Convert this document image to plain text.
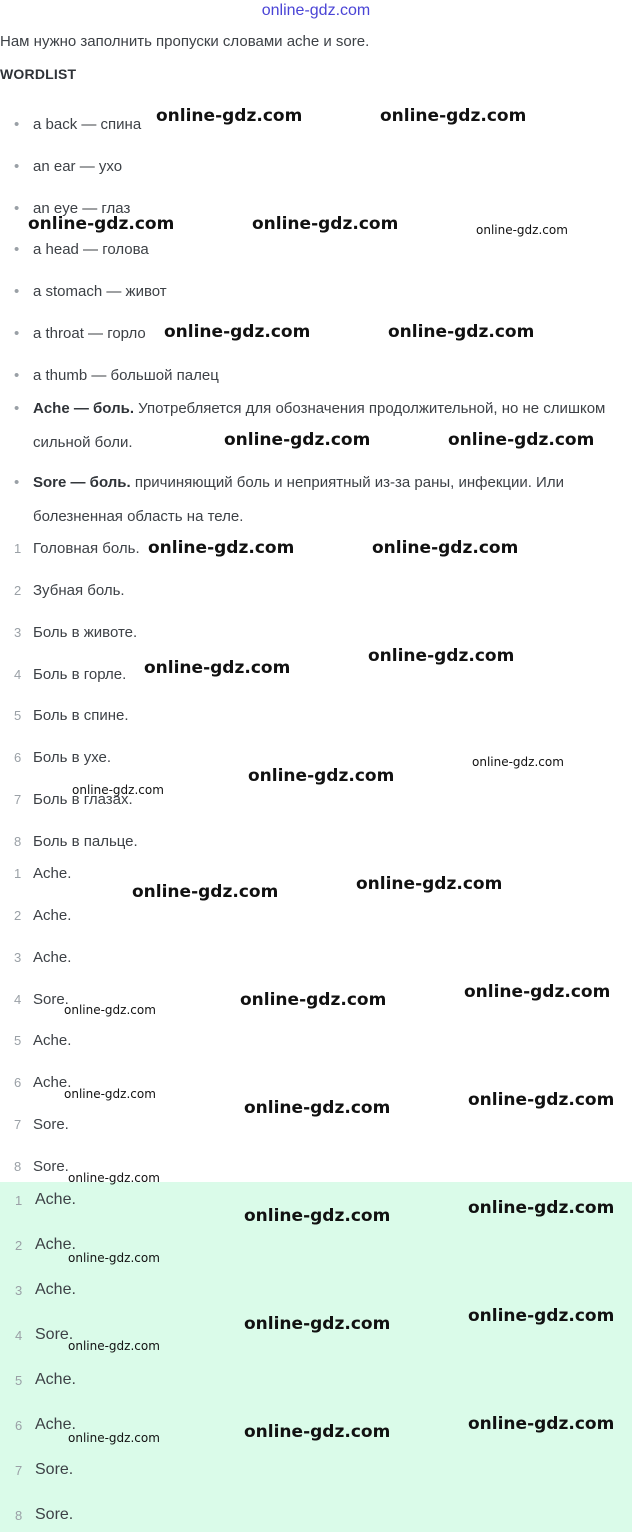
online-gdz.com
Нам нужно заполнить пропуски словами ache и sore.
WORDLIST
• a back — спина
• an ear — ухо
• an eye — глаз
• a head — голова
• a stomach — живот
• a throat — горло
• a thumb — большой палец
• Ache — боль. Употребляется для обозначения продолжительной, но не слишком сильной боли.
• Sore — боль. причиняющий боль и неприятный из-за раны, инфекции. Или болезненная область на теле.
1 Головная боль.
2 Зубная боль.
3 Боль в животе.
4 Боль в горле.
5 Боль в спине.
6 Боль в ухе.
7 Боль в глазах.
8 Боль в пальце.
1 Ache.
2 Ache.
3 Ache.
4 Sore.
5 Ache.
6 Ache.
7 Sore.
8 Sore.
1 Ache.
2 Ache.
3 Ache.
4 Sore.
5 Ache.
6 Ache.
7 Sore.
8 Sore.
online-gdz.com	online-gdz.com
online-gdz.com	online-gdz.com	online-gdz.com
online-gdz.com	online-gdz.com
online-gdz.com	online-gdz.com
online-gdz.com	online-gdz.com
online-gdz.com
online-gdz.com
online-gdz.com
online-gdz.com
online-gdz.com
online-gdz.com	online-gdz.com
online-gdz.com	online-gdz.com
online-gdz.com
online-gdz.com
online-gdz.com	online-gdz.com
online-gdz.com
online-gdz.com	online-gdz.com
online-gdz.com
online-gdz.com	online-gdz.com
online-gdz.com
online-gdz.com	online-gdz.com
online-gdz.com
